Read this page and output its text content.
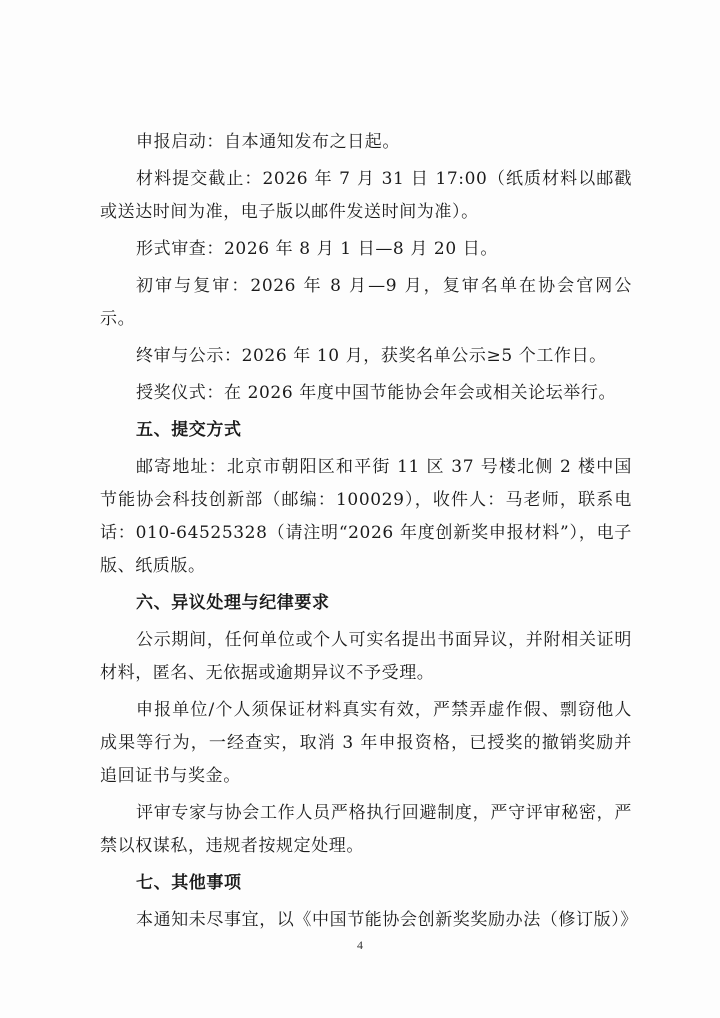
申报启动：自本通知发布之日起。

材料提交截止：2026 年 7 月 31 日 17:00（纸质材料以邮戳或送达时间为准，电子版以邮件发送时间为准）。

形式审查：2026 年 8 月 1 日—8 月 20 日。

初审与复审：2026 年 8 月—9 月，复审名单在协会官网公示。

终审与公示：2026 年 10 月，获奖名单公示≥5 个工作日。

授奖仪式：在 2026 年度中国节能协会年会或相关论坛举行。

五、提交方式

邮寄地址：北京市朝阳区和平街 11 区 37 号楼北侧 2 楼中国节能协会科技创新部（邮编：100029），收件人：马老师，联系电话：010-64525328（请注明“2026 年度创新奖申报材料”），电子版、纸质版。

六、异议处理与纪律要求

公示期间，任何单位或个人可实名提出书面异议，并附相关证明材料，匿名、无依据或逾期异议不予受理。

申报单位/个人须保证材料真实有效，严禁弄虚作假、剽窃他人成果等行为，一经查实，取消 3 年申报资格，已授奖的撤销奖励并追回证书与奖金。

评审专家与协会工作人员严格执行回避制度，严守评审秘密，严禁以权谋私，违规者按规定处理。

七、其他事项

本通知未尽事宜，以《中国节能协会创新奖奖励办法（修订版）》

4
